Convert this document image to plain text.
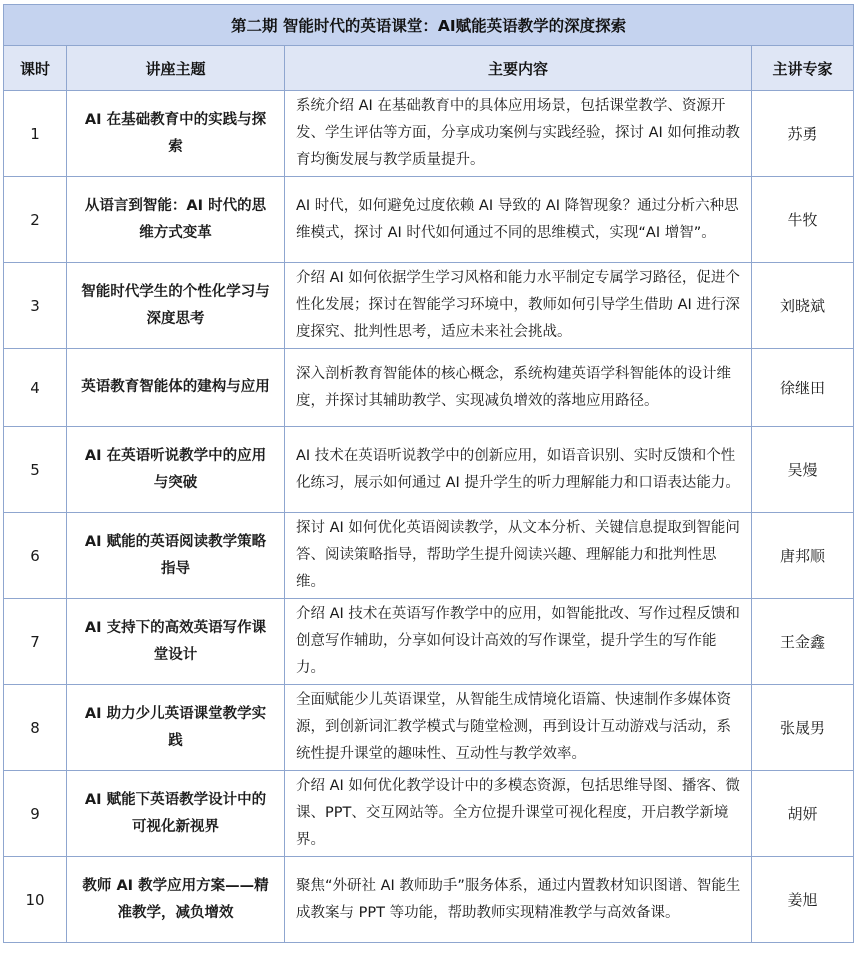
第二期 智能时代的英语课堂：AI赋能英语教学的深度探索			
课时	讲座主题	主要内容	主讲专家
1	AI 在基础教育中的实践与探索	系统介绍 AI 在基础教育中的具体应用场景，包括课堂教学、资源开发、学生评估等方面，分享成功案例与实践经验，探讨 AI 如何推动教育均衡发展与教学质量提升。	苏勇
2	从语言到智能：AI 时代的思维方式变革	AI 时代，如何避免过度依赖 AI 导致的 AI 降智现象？通过分析六种思维模式，探讨 AI 时代如何通过不同的思维模式，实现“AI 增智”。	牛牧
3	智能时代学生的个性化学习与深度思考	介绍 AI 如何依据学生学习风格和能力水平制定专属学习路径，促进个性化发展；探讨在智能学习环境中，教师如何引导学生借助 AI 进行深度探究、批判性思考，适应未来社会挑战。	刘晓斌
4	英语教育智能体的建构与应用	深入剖析教育智能体的核心概念，系统构建英语学科智能体的设计维度，并探讨其辅助教学、实现减负增效的落地应用路径。	徐继田
5	AI 在英语听说教学中的应用与突破	AI 技术在英语听说教学中的创新应用，如语音识别、实时反馈和个性化练习，展示如何通过 AI 提升学生的听力理解能力和口语表达能力。	吴熳
6	AI 赋能的英语阅读教学策略指导	探讨 AI 如何优化英语阅读教学，从文本分析、关键信息提取到智能问答、阅读策略指导，帮助学生提升阅读兴趣、理解能力和批判性思维。	唐邦顺
7	AI 支持下的高效英语写作课堂设计	介绍 AI 技术在英语写作教学中的应用，如智能批改、写作过程反馈和创意写作辅助，分享如何设计高效的写作课堂，提升学生的写作能力。	王金鑫
8	AI 助力少儿英语课堂教学实践	全面赋能少儿英语课堂，从智能生成情境化语篇、快速制作多媒体资源，到创新词汇教学模式与随堂检测，再到设计互动游戏与活动，系统性提升课堂的趣味性、互动性与教学效率。	张晟男
9	AI 赋能下英语教学设计中的可视化新视界	介绍 AI 如何优化教学设计中的多模态资源，包括思维导图、播客、微课、PPT、交互网站等。全方位提升课堂可视化程度，开启教学新境界。	胡妍
10	教师 AI 教学应用方案——精准教学，减负增效	聚焦“外研社 AI 教师助手”服务体系，通过内置教材知识图谱、智能生成教案与 PPT 等功能，帮助教师实现精准教学与高效备课。	姜旭
